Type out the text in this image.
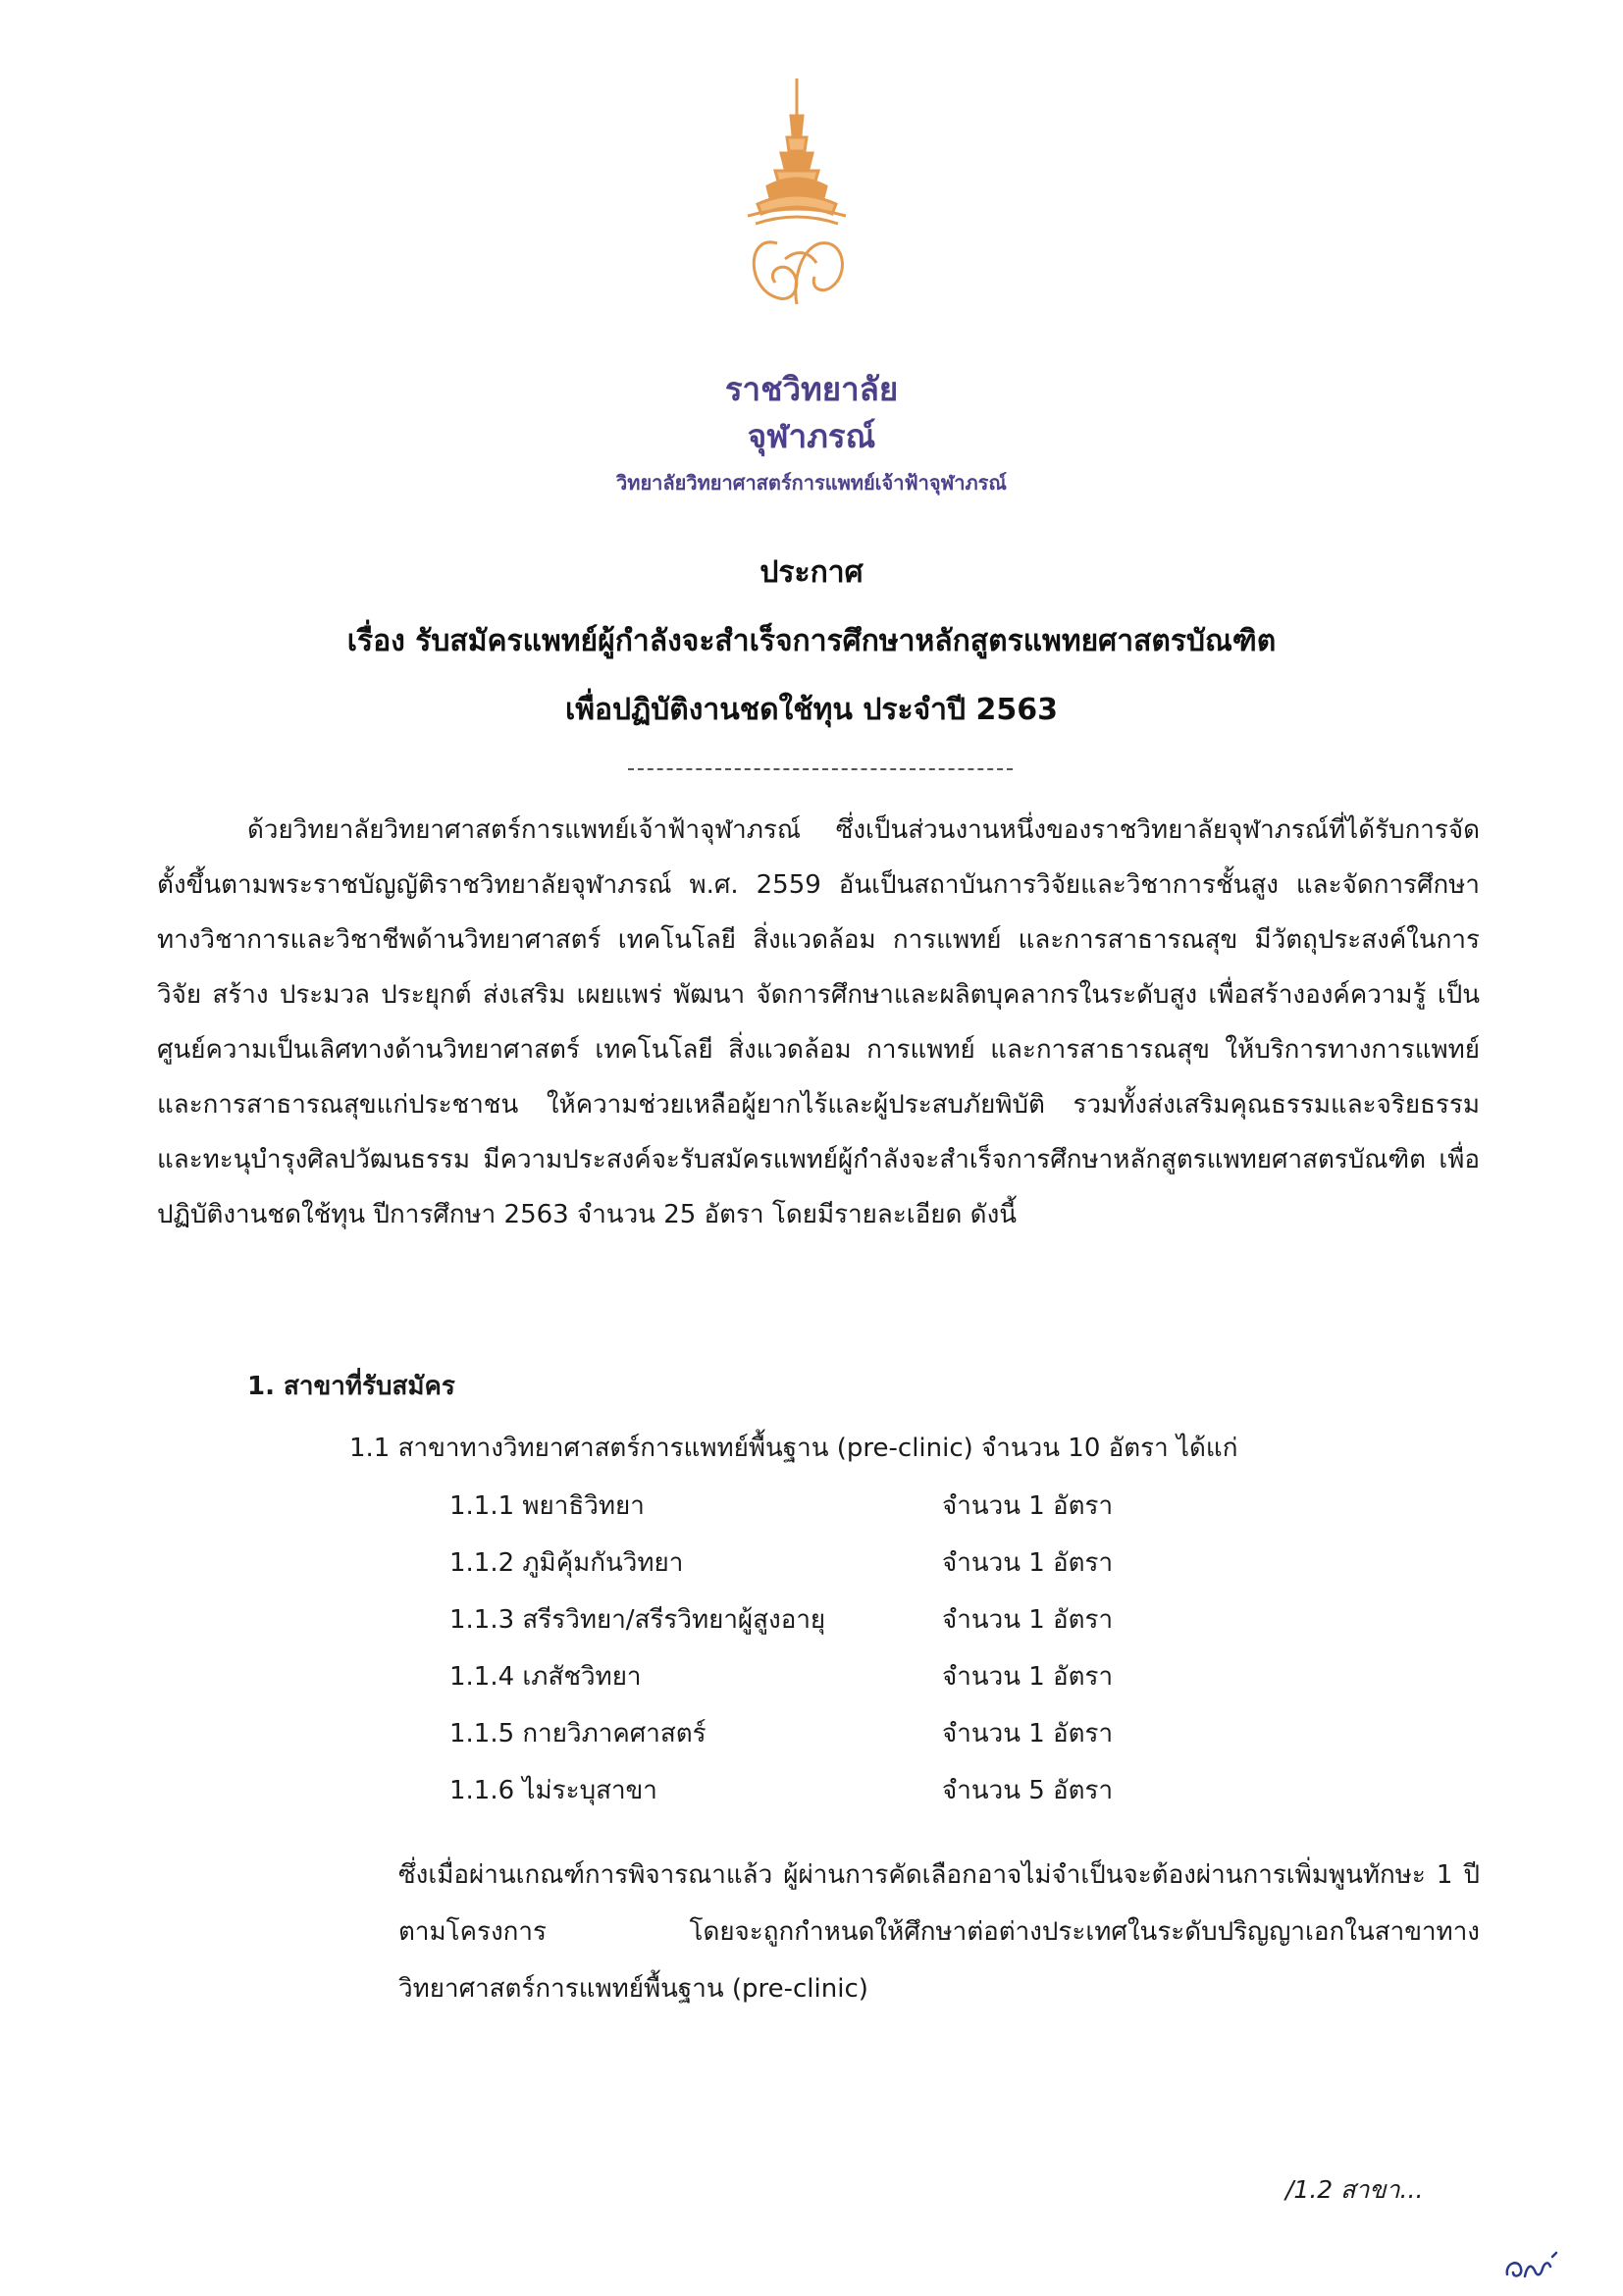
ราชวิทยาลัย
จุฬาภรณ์
วิทยาลัยวิทยาศาสตร์การแพทย์เจ้าฟ้าจุฬาภรณ์
ประกาศ
เรื่อง รับสมัครแพทย์ผู้กำลังจะสำเร็จการศึกษาหลักสูตรแพทยศาสตรบัณฑิต
เพื่อปฏิบัติงานชดใช้ทุน ประจำปี 2563
ด้วยวิทยาลัยวิทยาศาสตร์การแพทย์เจ้าฟ้าจุฬาภรณ์ ซึ่งเป็นส่วนงานหนึ่งของราชวิทยาลัยจุฬาภรณ์ที่ได้รับการจัดตั้งขึ้นตามพระราชบัญญัติราชวิทยาลัยจุฬาภรณ์ พ.ศ. 2559 อันเป็นสถาบันการวิจัยและวิชาการชั้นสูง และจัดการศึกษาทางวิชาการและวิชาชีพด้านวิทยาศาสตร์ เทคโนโลยี สิ่งแวดล้อม การแพทย์ และการสาธารณสุข มีวัตถุประสงค์ในการวิจัย สร้าง ประมวล ประยุกต์ ส่งเสริม เผยแพร่ พัฒนา จัดการศึกษาและผลิตบุคลากรในระดับสูง เพื่อสร้างองค์ความรู้ เป็นศูนย์ความเป็นเลิศทางด้านวิทยาศาสตร์ เทคโนโลยี สิ่งแวดล้อม การแพทย์ และการสาธารณสุข ให้บริการทางการแพทย์และการสาธารณสุขแก่ประชาชน ให้ความช่วยเหลือผู้ยากไร้และผู้ประสบภัยพิบัติ รวมทั้งส่งเสริมคุณธรรมและจริยธรรม และทะนุบำรุงศิลปวัฒนธรรม มีความประสงค์จะรับสมัครแพทย์ผู้กำลังจะสำเร็จการศึกษาหลักสูตรแพทยศาสตรบัณฑิต เพื่อปฏิบัติงานชดใช้ทุน ปีการศึกษา 2563 จำนวน 25 อัตรา โดยมีรายละเอียด ดังนี้
1. สาขาที่รับสมัคร
1.1 สาขาทางวิทยาศาสตร์การแพทย์พื้นฐาน (pre-clinic) จำนวน 10 อัตรา ได้แก่
1.1.1 พยาธิวิทยา	จำนวน 1 อัตรา
1.1.2 ภูมิคุ้มกันวิทยา	จำนวน 1 อัตรา
1.1.3 สรีรวิทยา/สรีรวิทยาผู้สูงอายุ	จำนวน 1 อัตรา
1.1.4 เภสัชวิทยา	จำนวน 1 อัตรา
1.1.5 กายวิภาคศาสตร์	จำนวน 1 อัตรา
1.1.6 ไม่ระบุสาขา	จำนวน 5 อัตรา
ซึ่งเมื่อผ่านเกณฑ์การพิจารณาแล้ว ผู้ผ่านการคัดเลือกอาจไม่จำเป็นจะต้องผ่านการเพิ่มพูนทักษะ 1 ปี ตามโครงการ โดยจะถูกกำหนดให้ศึกษาต่อต่างประเทศในระดับปริญญาเอกในสาขาทางวิทยาศาสตร์การแพทย์พื้นฐาน (pre-clinic)
/1.2 สาขา...
